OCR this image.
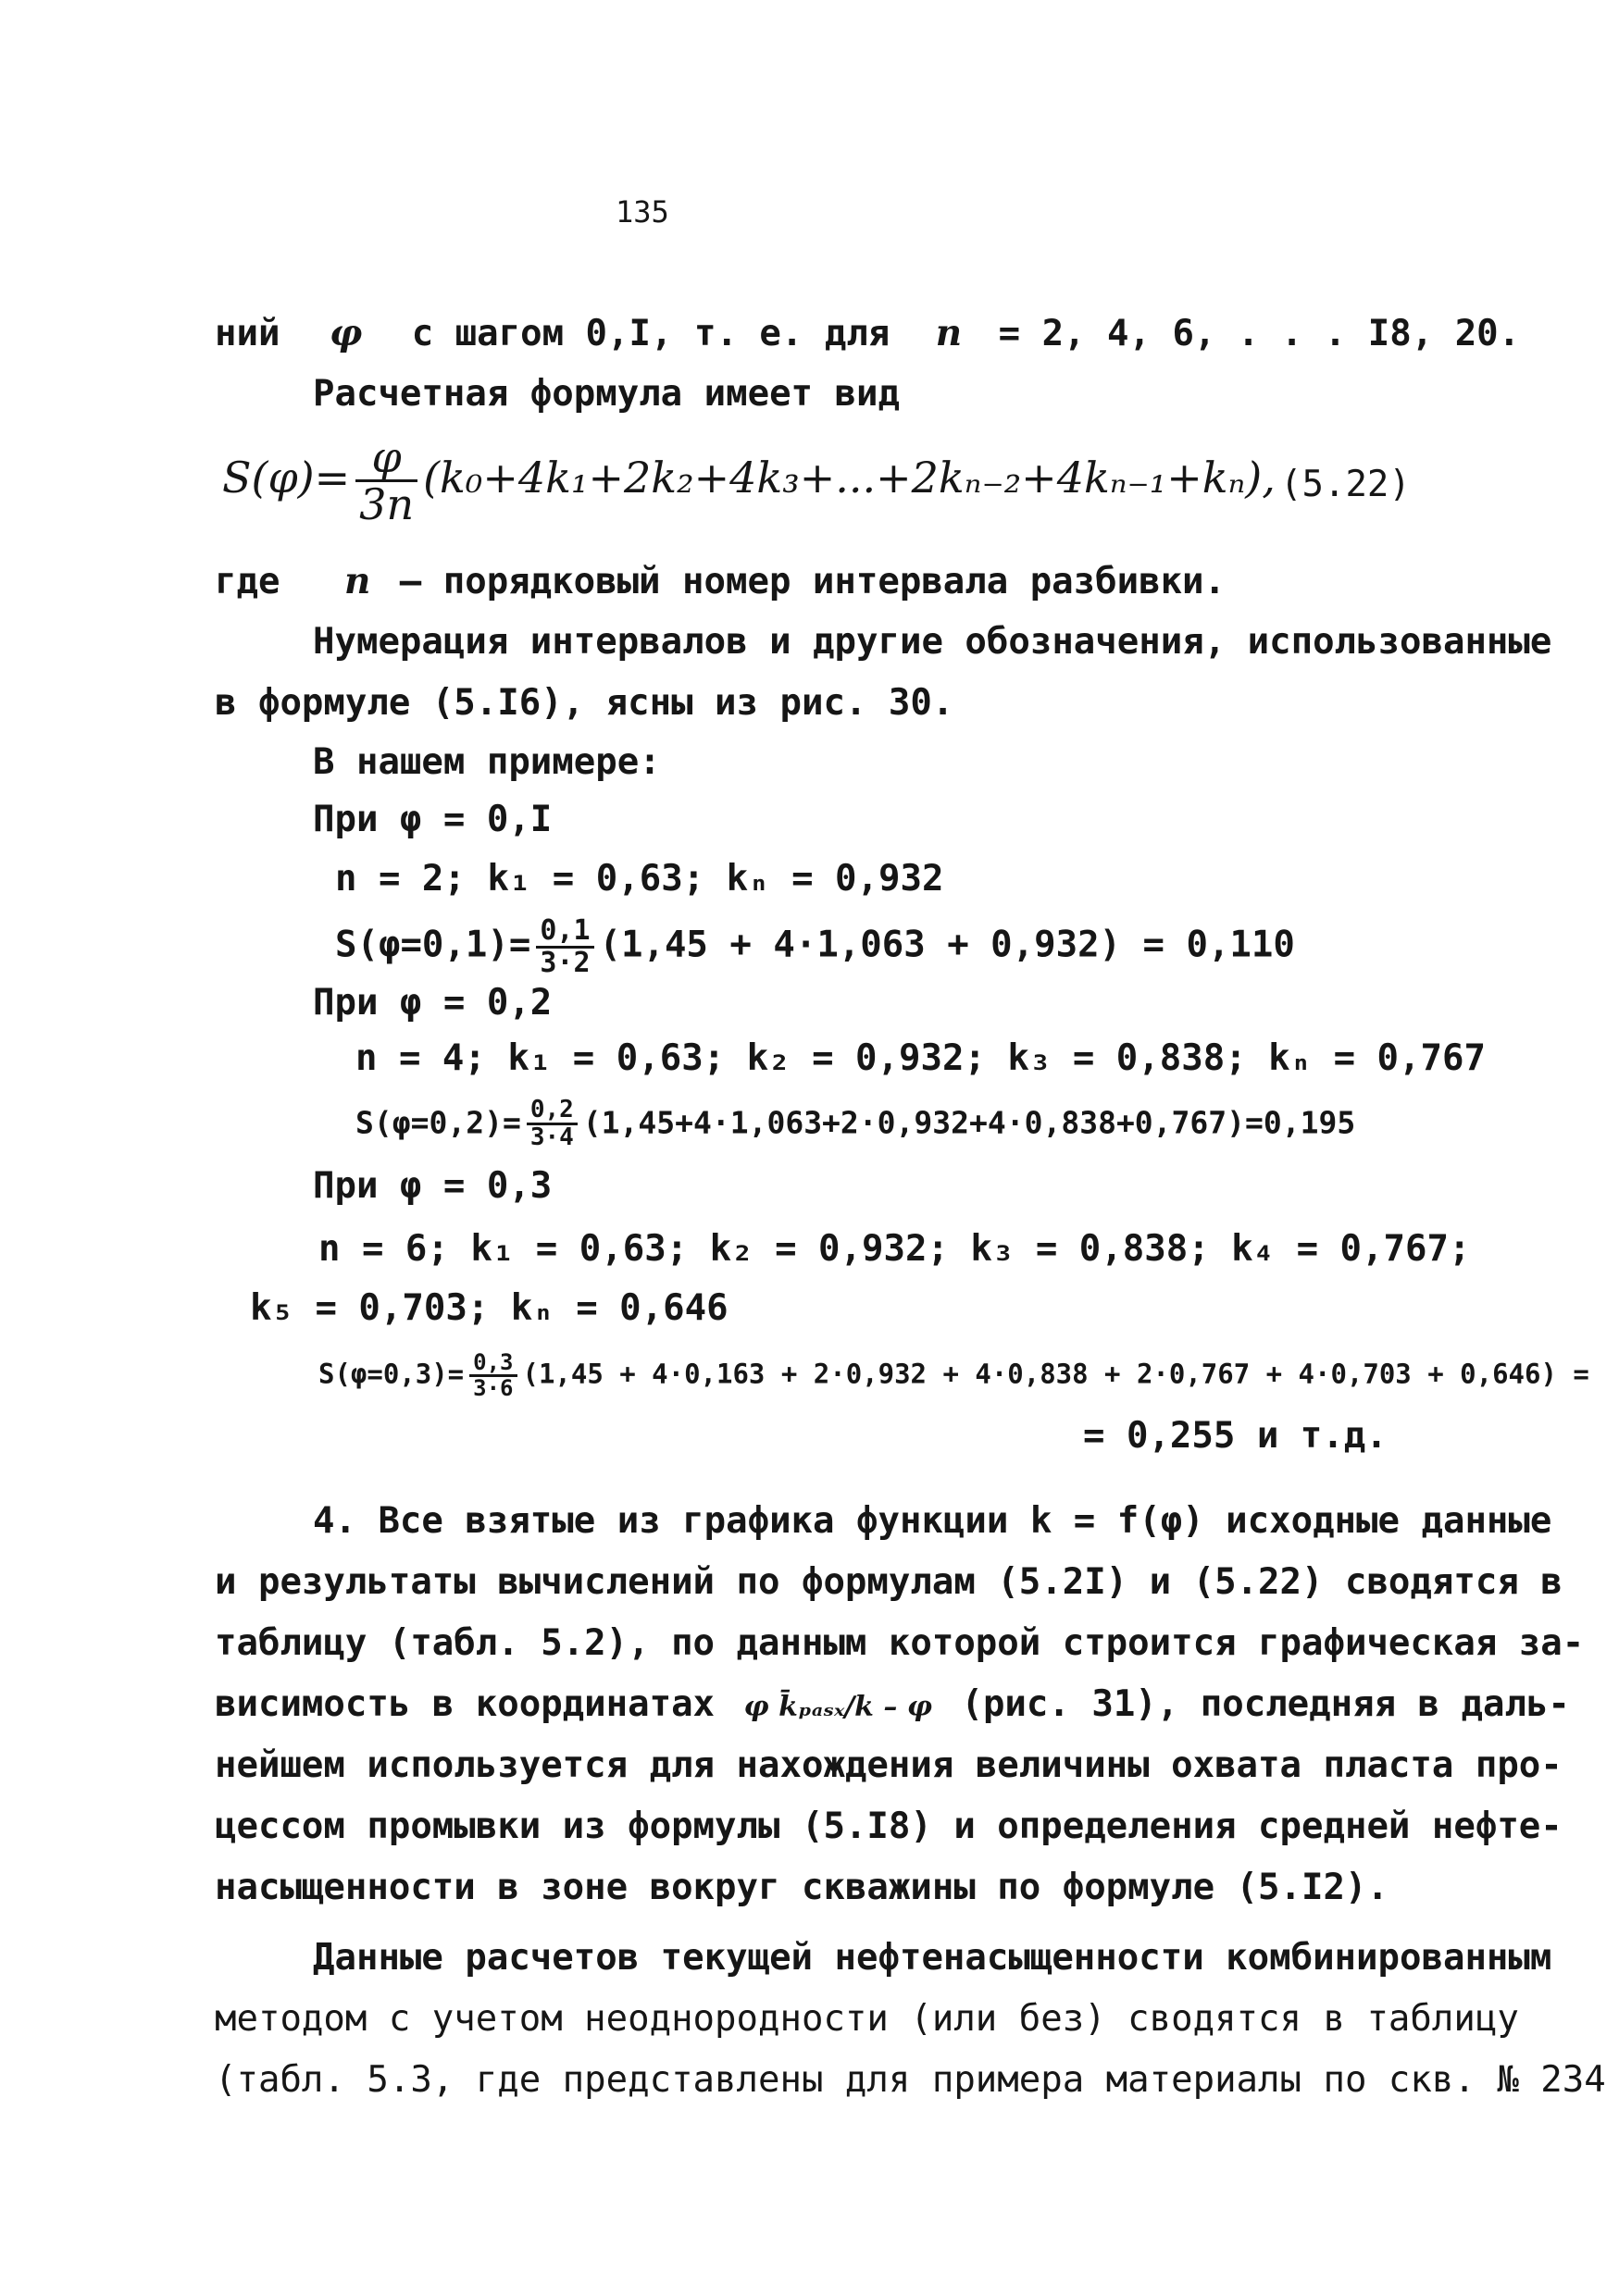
135
ний φ с шагом 0,I, т. е. для n = 2, 4, 6, . . . I8, 20.
Расчетная формула имеет вид
$S(\varphi)= \frac{\varphi}{3n} (k_0+4k_1+2k_2+4k_3+...+2k_{n-2}+4k_{n-1}+k_n)$, (5.22)
где n – порядковый номер интервала разбивки.
Нумерация интервалов и другие обозначения, использованные
в формуле (5.I6), ясны из рис. 30.
В нашем примере:
При φ = 0,I
n = 2; k₁ = 0,63; kₙ = 0,932
$S(\varphi=0,1)= \frac{0,1}{3\cdot 2} (1,45 + 4\cdot 1,063 + 0,932) = 0,110$
При φ = 0,2
n = 4; k₁ = 0,63; k₂ = 0,932; k₃ = 0,838; kₙ = 0,767
$S(\varphi=0,2)= \frac{0,2}{3\cdot 4} (1,45+4\cdot 1,063+2\cdot 0,932+4\cdot 0,838+0,767)=0,195$
При φ = 0,3
n = 6; k₁ = 0,63; k₂ = 0,932; k₃ = 0,838; k₄ = 0,767;
k₅ = 0,703; kₙ = 0,646
$S(\varphi=0,3)= \frac{0,3}{3\cdot 6} (1,45 + 4\cdot 0,163 + 2\cdot 0,932 + 4\cdot 0,838 + 2\cdot 0,767 + 4\cdot 0,703 + 0,646)$ =
= 0,255 и т.д.
4. Все взятые из графика функции k = f(φ) исходные данные
и результаты вычислений по формулам (5.2I) и (5.22) сводятся в
таблицу (табл. 5.2), по данным которой строится графическая за-
висимость в координатах φ k̄ₚₐₛₓ/k – φ (рис. 31), последняя в даль-
нейшем используется для нахождения величины охвата пласта про-
цессом промывки из формулы (5.I8) и определения средней нефте-
насыщенности в зоне вокруг скважины по формуле (5.I2).
Данные расчетов текущей нефтенасыщенности комбинированным
методом с учетом неоднородности (или без) сводятся в таблицу
(табл. 5.3, где представлены для примера материалы по скв. № 234
